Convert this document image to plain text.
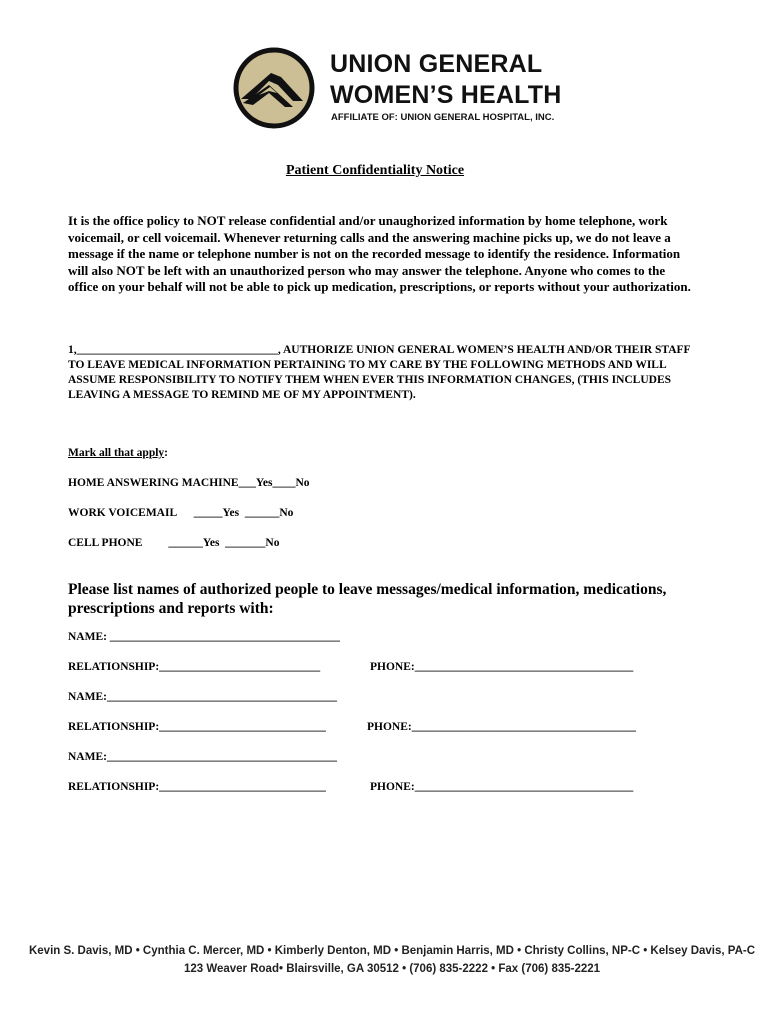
UNION GENERAL
WOMEN’S HEALTH
AFFILIATE OF: UNION GENERAL HOSPITAL, INC.
Patient Confidentiality Notice

It is the office policy to NOT release confidential and/or unaughorized information by home telephone, work voicemail, or cell voicemail. Whenever returning calls and the answering machine picks up, we do not leave a message if the name or telephone number is not on the recorded message to identify the residence. Information will also NOT be left with an unauthorized person who may answer the telephone. Anyone who comes to the office on your behalf will not be able to pick up medication, prescriptions, or reports without your authorization.

1,___________________________________, AUTHORIZE UNION GENERAL WOMEN’S HEALTH AND/OR THEIR STAFF TO LEAVE MEDICAL INFORMATION PERTAINING TO MY CARE BY THE FOLLOWING METHODS AND WILL ASSUME RESPONSIBILITY TO NOTIFY THEM WHEN EVER THIS INFORMATION CHANGES, (THIS INCLUDES LEAVING A MESSAGE TO REMIND ME OF MY APPOINTMENT).

Mark all that apply:
HOME ANSWERING MACHINE___Yes____No
WORK VOICEMAIL      _____Yes  ______No
CELL PHONE         ______Yes  _______No

Please list names of authorized people to leave messages/medical information, medications, prescriptions and reports with:

NAME: ________________________________________
RELATIONSHIP:____________________________	PHONE:______________________________________
NAME:________________________________________
RELATIONSHIP:_____________________________	PHONE:_______________________________________
NAME:________________________________________
RELATIONSHIP:_____________________________	PHONE:______________________________________
Kevin S. Davis, MD • Cynthia C. Mercer, MD • Kimberly Denton, MD • Benjamin Harris, MD • Christy Collins, NP-C • Kelsey Davis, PA-C
123 Weaver Road• Blairsville, GA 30512 • (706) 835-2222 • Fax (706) 835-2221
